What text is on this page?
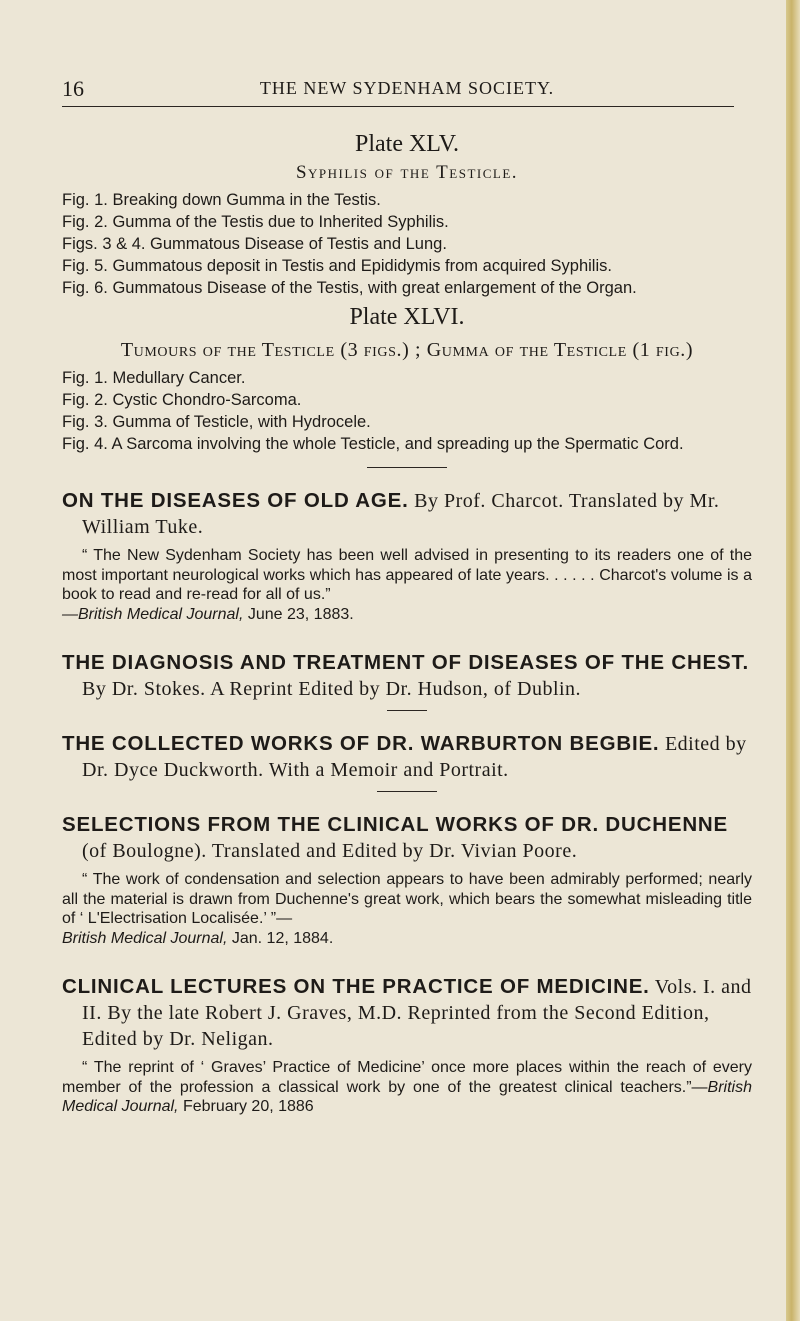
16	THE NEW SYDENHAM SOCIETY.

Plate XLV.

Syphilis of the Testicle.

Fig. 1. Breaking down Gumma in the Testis.
Fig. 2. Gumma of the Testis due to Inherited Syphilis.
Figs. 3 & 4. Gummatous Disease of Testis and Lung.
Fig. 5. Gummatous deposit in Testis and Epididymis from acquired Syphilis.
Fig. 6. Gummatous Disease of the Testis, with great enlargement of the Organ.

Plate XLVI.

Tumours of the Testicle (3 figs.) ; Gumma of the Testicle (1 fig.)

Fig. 1. Medullary Cancer.
Fig. 2. Cystic Chondro-Sarcoma.
Fig. 3. Gumma of Testicle, with Hydrocele.
Fig. 4. A Sarcoma involving the whole Testicle, and spreading up the Spermatic Cord.

ON THE DISEASES OF OLD AGE. By Prof. Charcot. Translated by Mr. William Tuke.

“ The New Sydenham Society has been well advised in presenting to its readers one of the most important neurological works which has appeared of late years. . . . . . Charcot's volume is a book to read and re-read for all of us.”
—British Medical Journal, June 23, 1883.

THE DIAGNOSIS AND TREATMENT OF DISEASES OF THE CHEST. By Dr. Stokes. A Reprint Edited by Dr. Hudson, of Dublin.

THE COLLECTED WORKS OF DR. WARBURTON BEGBIE. Edited by Dr. Dyce Duckworth. With a Memoir and Portrait.

SELECTIONS FROM THE CLINICAL WORKS OF DR. DUCHENNE (of Boulogne). Translated and Edited by Dr. Vivian Poore.

“ The work of condensation and selection appears to have been admirably performed; nearly all the material is drawn from Duchenne's great work, which bears the somewhat misleading title of ‘ L'Electrisation Localisée.’ ”—
British Medical Journal, Jan. 12, 1884.

CLINICAL LECTURES ON THE PRACTICE OF MEDICINE. Vols. I. and II. By the late Robert J. Graves, M.D. Reprinted from the Second Edition, Edited by Dr. Neligan.

“ The reprint of ‘ Graves’ Practice of Medicine’ once more places within the reach of every member of the profession a classical work by one of the greatest clinical teachers.”—British Medical Journal, February 20, 1886
